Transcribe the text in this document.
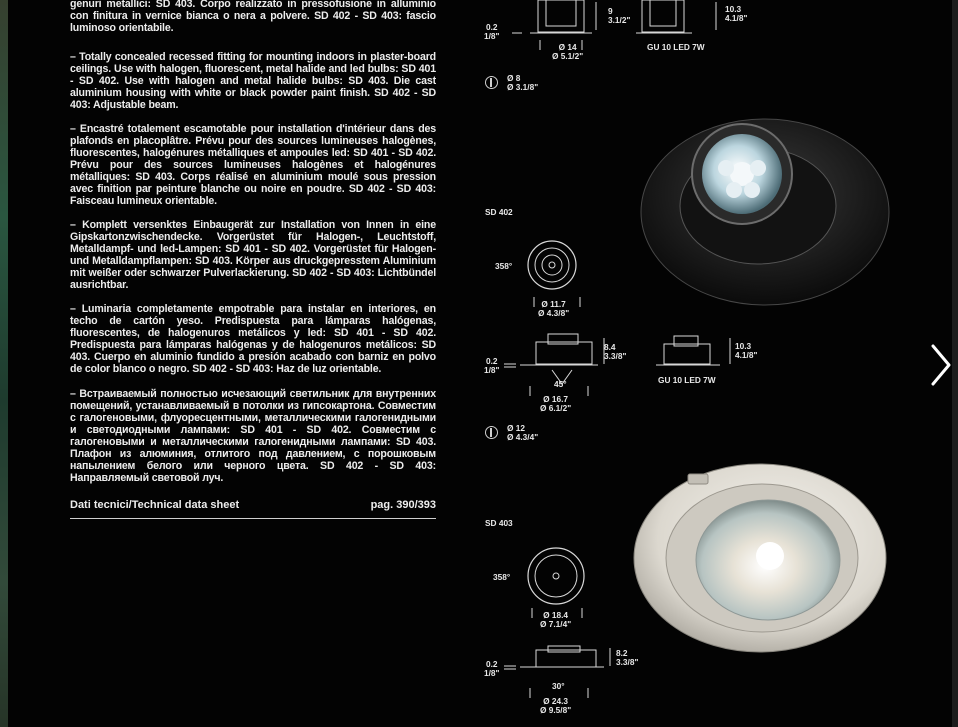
genuri metallici: SD 403. Corpo realizzato in pressofusione in alluminio con finitura in vernice bianca o nera a polvere. SD 402 - SD 403: fascio luminoso orientabile.

– Totally concealed recessed fitting for mounting indoors in plaster-board ceilings. Use with halogen, fluorescent, metal halide and led bulbs: SD 401 - SD 402. Use with halogen and metal halide bulbs: SD 403. Die cast aluminium housing with white or black powder paint finish. SD 402 - SD 403: Adjustable beam.

– Encastré totalement escamotable pour installation d'intérieur dans des plafonds en placoplâtre. Prévu pour des sources lumineuses halogènes, fluorescentes, halogénures métalliques et ampoules led: SD 401 - SD 402. Prévu pour des sources lumineuses halogènes et halogénures métalliques: SD 403. Corps réalisé en aluminium moulé sous pression avec finition par peinture blanche ou noire en poudre. SD 402 - SD 403: Faisceau lumineux orientable.

– Komplett versenktes Einbaugerät zur Installation von Innen in eine Gipskartonzwischendecke. Vorgerüstet für Halogen-, Leuchtstoff, Metalldampf- und led-Lampen: SD 401 - SD 402. Vorgerüstet für Halogen- und Metalldampflampen: SD 403. Körper aus druckgepresstem Aluminium mit weißer oder schwarzer Pulverlackierung. SD 402 - SD 403: Lichtbündel ausrichtbar.

– Luminaria completamente empotrable para instalar en interiores, en techo de cartón yeso. Predispuesta para lámparas halógenas, fluorescentes, de halogenuros metálicos y led: SD 401 - SD 402. Predispuesta para lámparas halógenas y de halogenuros metálicos: SD 403. Cuerpo en aluminio fundido a presión acabado con barniz en polvo de color blanco o negro. SD 402 - SD 403: Haz de luz orientable.

– Встраиваемый полностью исчезающий светильник для внутренних помещений, устанавливаемый в потолки из гипсокартона. Совместим с галогеновыми, флуоресцентными, металлическими галогенидными и светодиодными лампами: SD 401 - SD 402. Совместим с галогеновыми и металлическими галогенидными лампами: SD 403. Плафон из алюминия, отлитого под давлением, с порошковым напылением белого или черного цвета. SD 402 - SD 403: Направляемый световой луч.

Dati tecnici/Technical data sheet	pag. 390/393
0.2
1/8"
9
3.1/2"
Ø 14
Ø 5.1/2"
GU 10 LED 7W
10.3
4.1/8"
Ø 8
Ø 3.1/8"
SD 402
358°
Ø 11.7
Ø 4.3/8"
0.2
1/8"
8.4
3.3/8"
45°
Ø 16.7
Ø 6.1/2"
GU 10 LED 7W
10.3
4.1/8"
Ø 12
Ø 4.3/4"
SD 403
358°
Ø 18.4
Ø 7.1/4"
0.2
1/8"
8.2
3.3/8"
30°
Ø 24.3
Ø 9.5/8"
